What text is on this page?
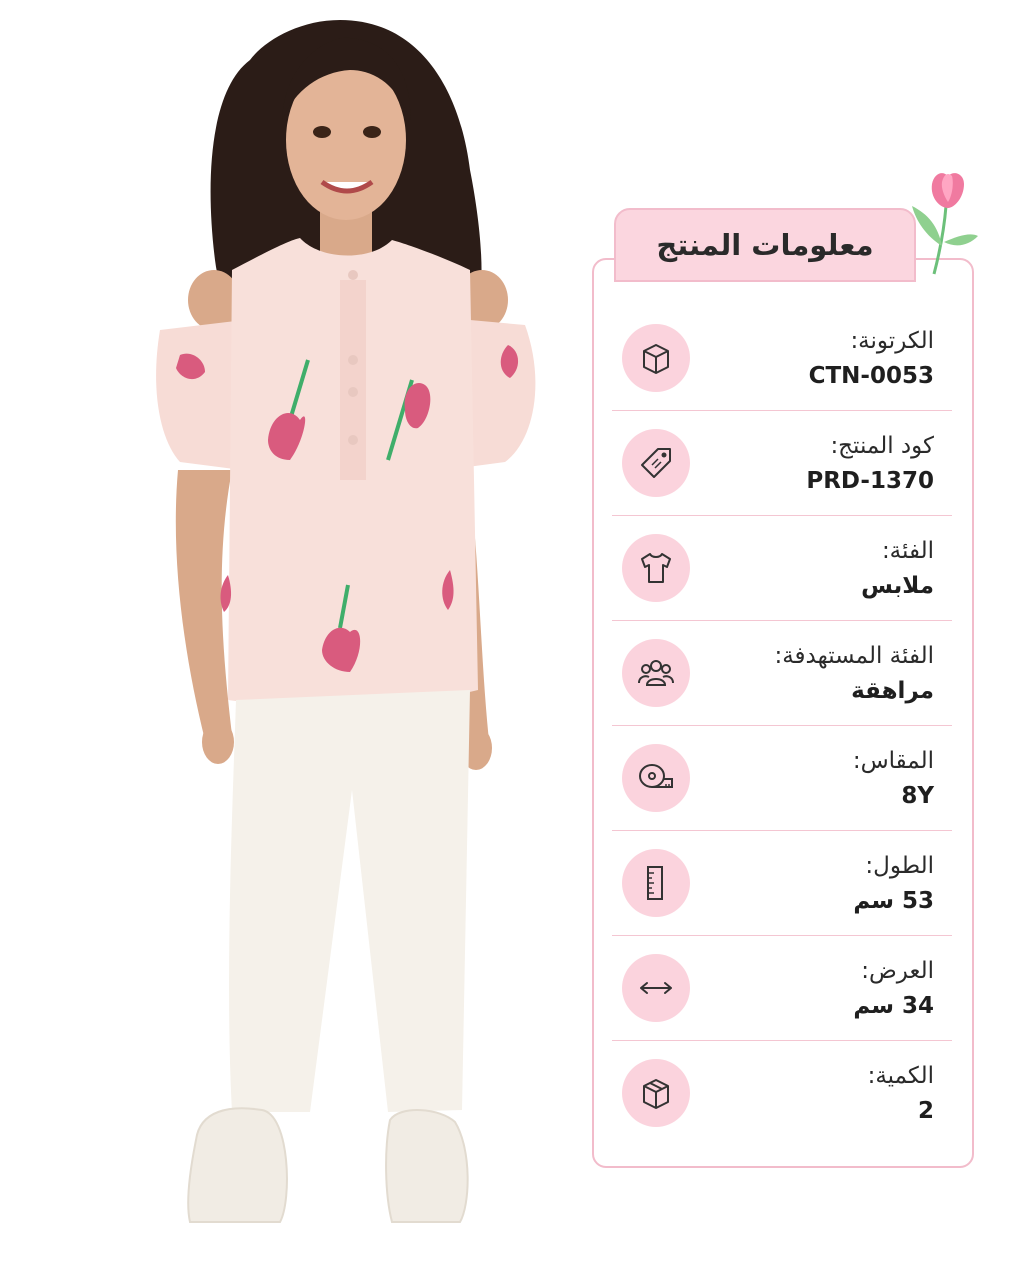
معلومات المنتج
الكرتونة:
CTN-0053
كود المنتج:
PRD-1370
الفئة:
ملابس
الفئة المستهدفة:
مراهقة
المقاس:
8Y
الطول:
53 سم
العرض:
34 سم
الكمية:
2
